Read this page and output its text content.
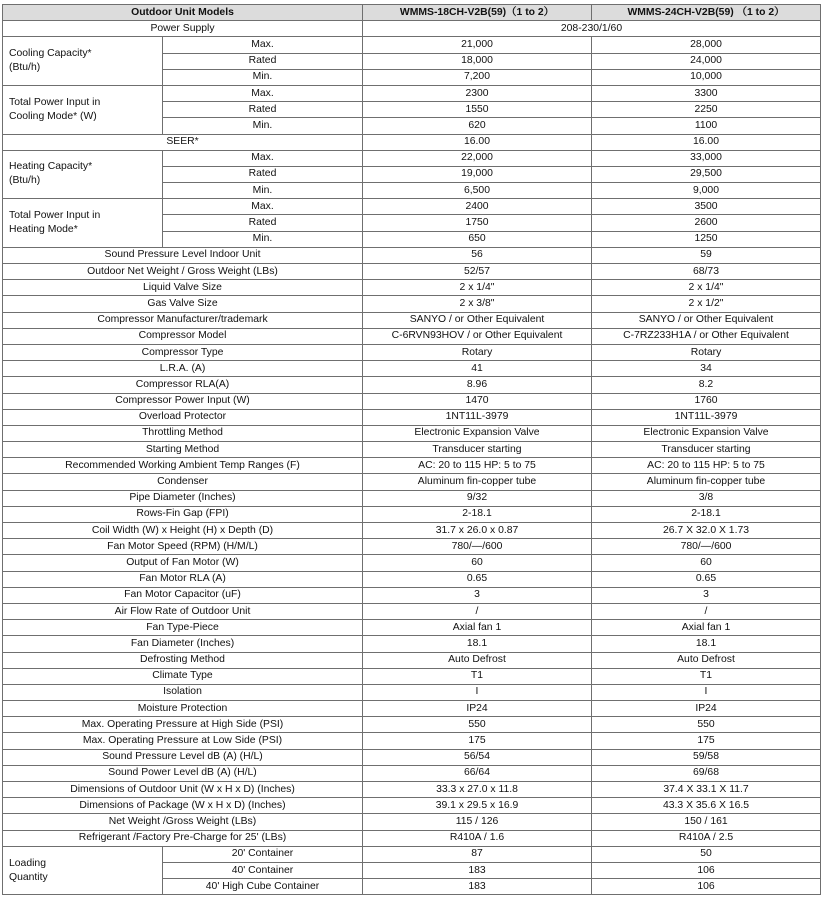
Outdoor Unit Models		WMMS-18CH-V2B(59)（1 to 2）	WMMS-24CH-V2B(59) （1 to 2）
Power Supply		208-230/1/60	
Cooling Capacity*
(Btu/h)	Max.	21,000	28,000
	Rated	18,000	24,000
	Min.	7,200	10,000
Total Power Input in
Cooling Mode* (W)	Max.	2300	3300
	Rated	1550	2250
	Min.	620	1100
SEER*		16.00	16.00
Heating Capacity*
(Btu/h)	Max.	22,000	33,000
	Rated	19,000	29,500
	Min.	6,500	9,000
Total Power Input in
Heating Mode*	Max.	2400	3500
	Rated	1750	2600
	Min.	650	1250
Sound Pressure Level Indoor Unit		56	59
Outdoor Net Weight / Gross Weight (LBs)		52/57	68/73
Liquid Valve Size		2 x 1/4"	2 x 1/4"
Gas Valve Size		2 x 3/8"	2 x 1/2"
Compressor Manufacturer/trademark		SANYO / or Other Equivalent	SANYO / or Other Equivalent
Compressor Model		C-6RVN93HOV / or Other Equivalent	C-7RZ233H1A / or Other Equivalent
Compressor Type		Rotary	Rotary
L.R.A. (A)		41	34
Compressor RLA(A)		8.96	8.2
Compressor Power Input (W)		1470	1760
Overload Protector		1NT11L-3979	1NT11L-3979
Throttling Method		Electronic Expansion Valve	Electronic Expansion Valve
Starting Method		Transducer starting	Transducer starting
Recommended Working Ambient Temp Ranges (F)		AC: 20 to 115 HP: 5 to 75	AC: 20 to 115 HP: 5 to 75
Condenser		Aluminum fin-copper tube	Aluminum fin-copper tube
Pipe Diameter (Inches)		9/32	3/8
Rows-Fin Gap (FPI)		2-18.1	2-18.1
Coil Width (W) x Height (H) x Depth (D)		31.7 x 26.0 x 0.87	26.7 X 32.0 X 1.73
Fan Motor Speed (RPM) (H/M/L)		780/—/600	780/—/600
Output of Fan Motor (W)		60	60
Fan Motor RLA (A)		0.65	0.65
Fan Motor Capacitor (uF)		3	3
Air Flow Rate of Outdoor Unit		/	/
Fan Type-Piece		Axial fan 1	Axial fan 1
Fan Diameter (Inches)		18.1	18.1
Defrosting Method		Auto Defrost	Auto Defrost
Climate Type		T1	T1
Isolation		I	I
Moisture Protection		IP24	IP24
Max. Operating Pressure at High Side (PSI)		550	550
Max. Operating Pressure at Low Side (PSI)		175	175
Sound Pressure Level dB (A) (H/L)		56/54	59/58
Sound Power Level dB (A) (H/L)		66/64	69/68
Dimensions of Outdoor Unit (W x H x D) (Inches)		33.3 x 27.0 x 11.8	37.4 X 33.1 X 11.7
Dimensions of Package (W x H x D) (Inches)		39.1 x 29.5 x 16.9	43.3 X 35.6 X 16.5
Net Weight /Gross Weight (LBs)		115 / 126	150 / 161
Refrigerant /Factory Pre-Charge for 25' (LBs)		R410A / 1.6	R410A / 2.5
Loading
Quantity	20' Container	87	50
	40' Container	183	106
	40' High Cube Container	183	106
